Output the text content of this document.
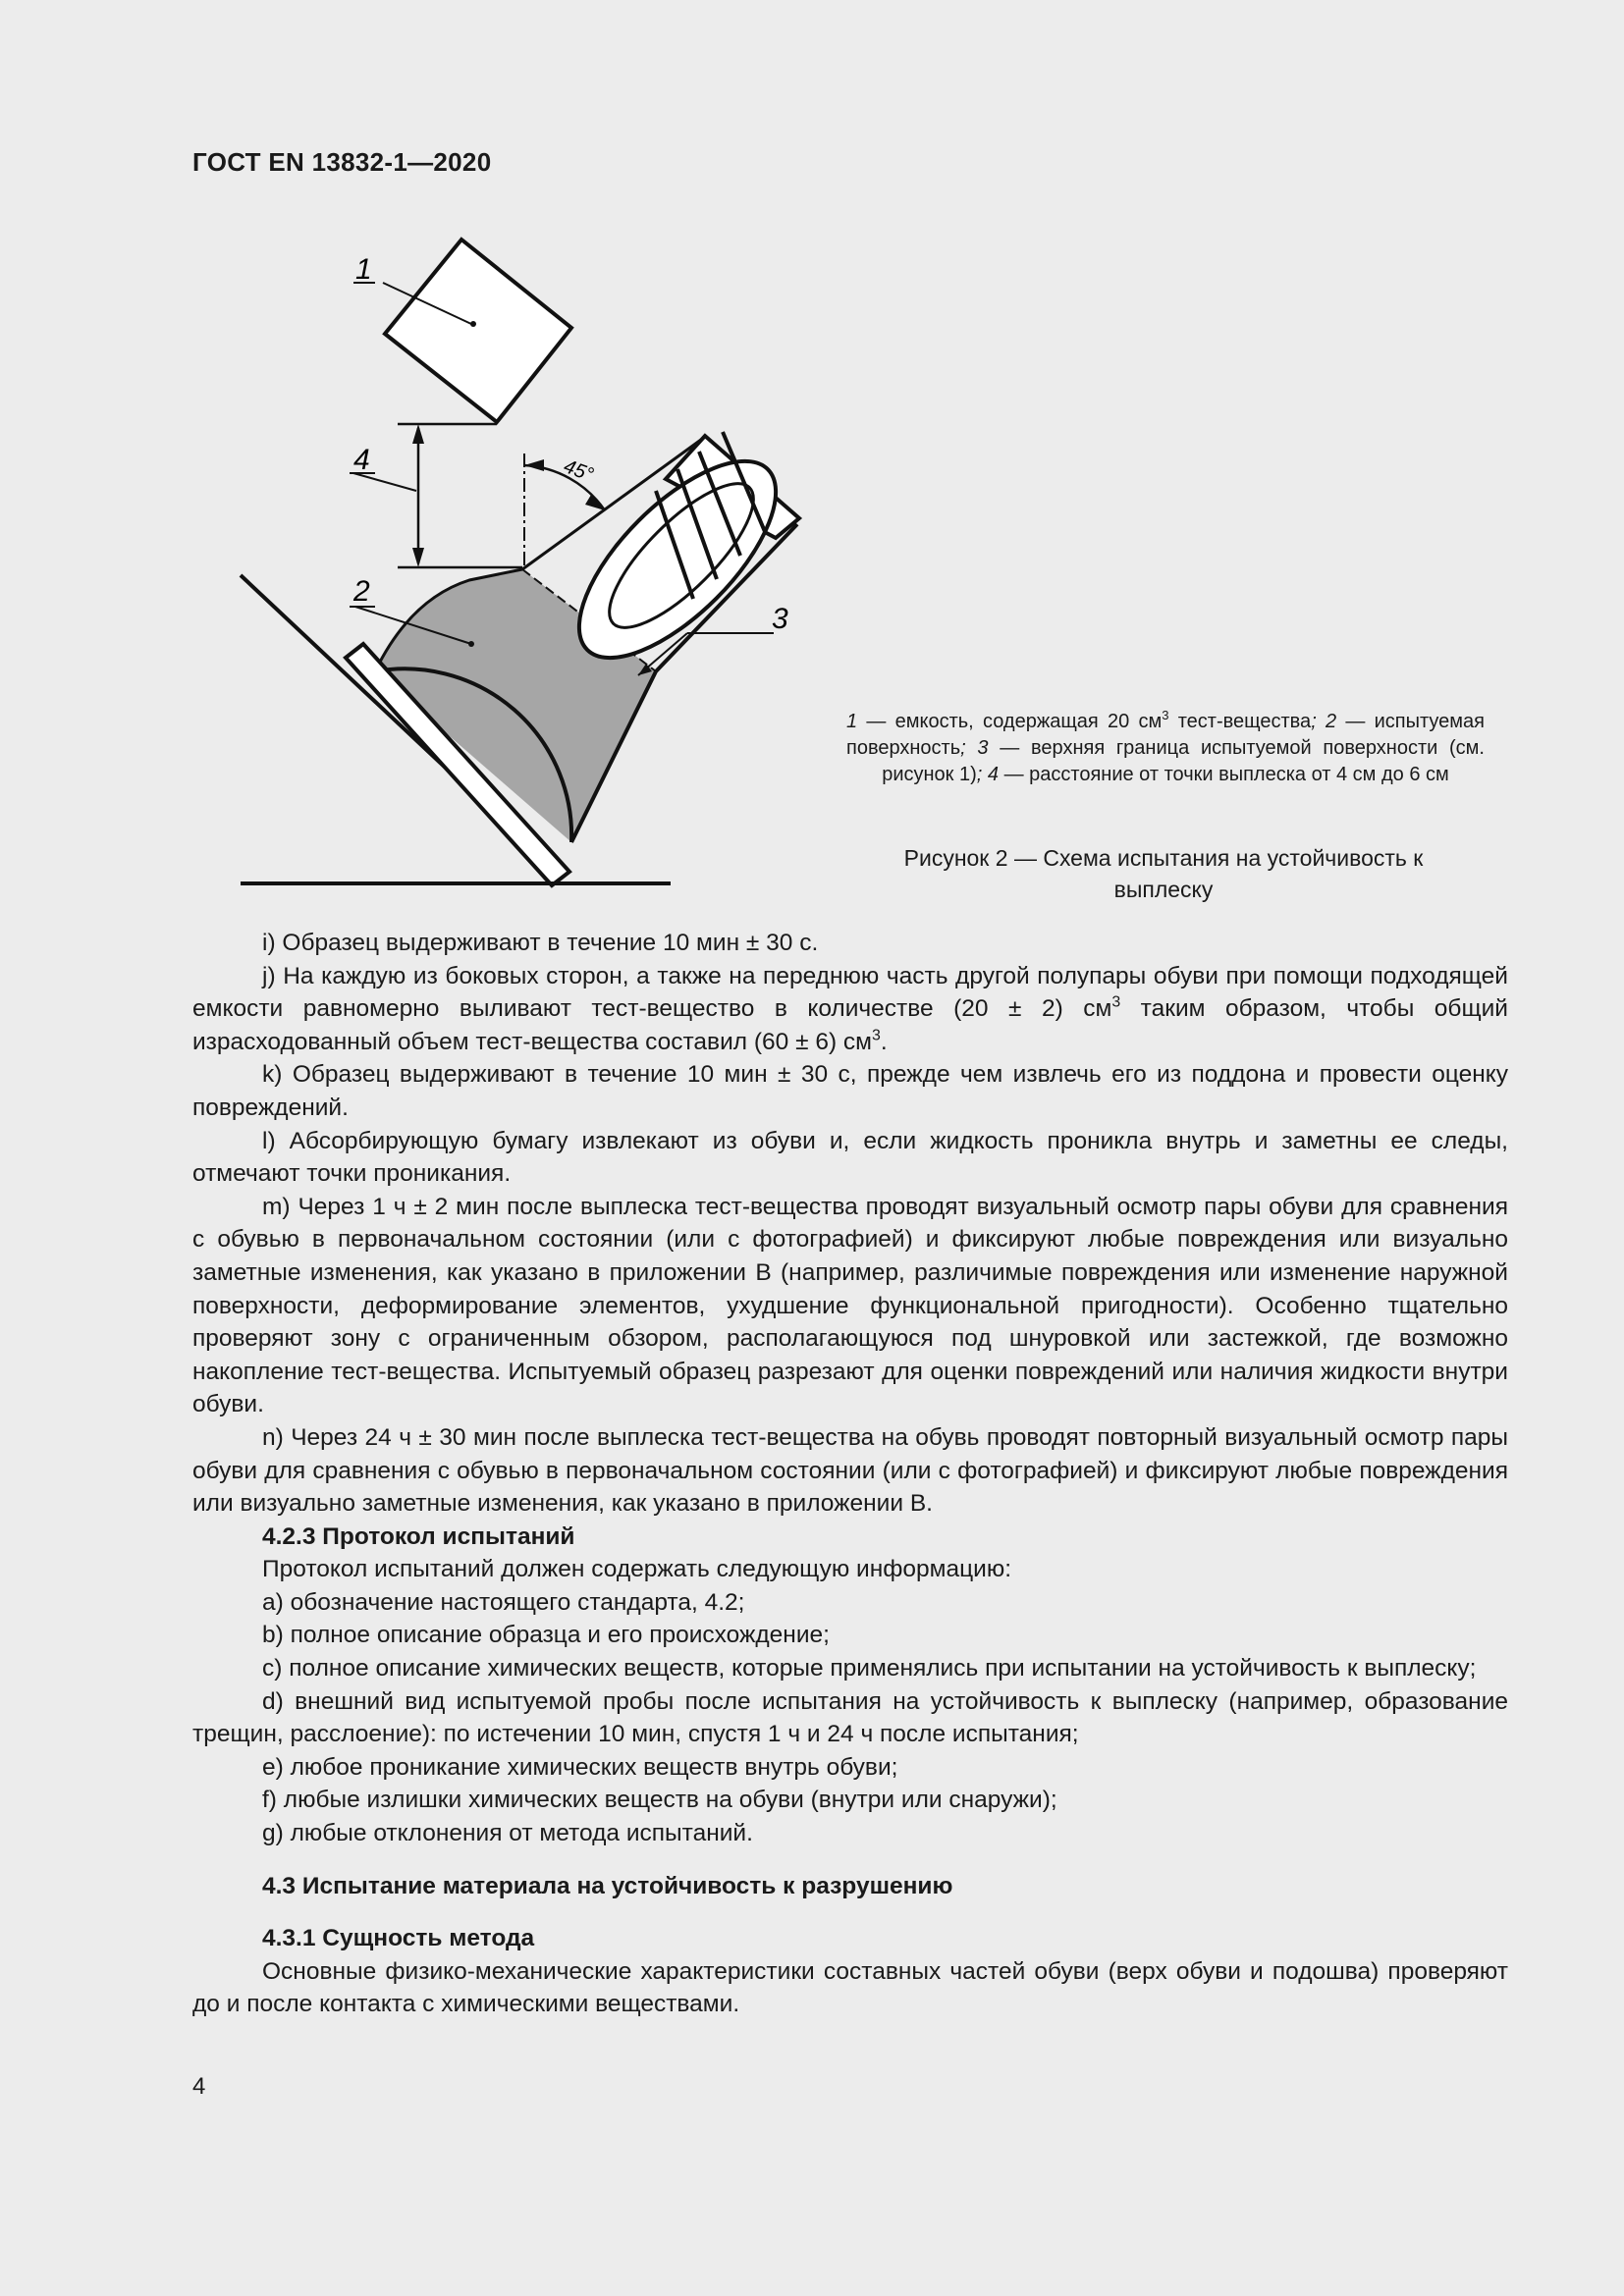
ГОСТ EN 13832-1—2020
1
4
2
3
45°
1 — емкость, содержащая 20 $см^3$ тест-вещества; 2 — испытуемая поверхность; 3 — верхняя граница испытуемой поверхности (см. рисунок 1); 4 — расстояние от точки выплеска от 4 см до 6 см
Рисунок 2 — Схема испытания на устойчивость к выплеску

i) Образец выдерживают в течение 10 мин ± 30 с.

j) На каждую из боковых сторон, а также на переднюю часть другой полупары обуви при помощи подходящей емкости равномерно выливают тест-вещество в количестве (20 ± 2) $см^3$ таким образом, чтобы общий израсходованный объем тест-вещества составил (60 ± 6) $см^3$.

k) Образец выдерживают в течение 10 мин ± 30 с, прежде чем извлечь его из поддона и провести оценку повреждений.

l) Абсорбирующую бумагу извлекают из обуви и, если жидкость проникла внутрь и заметны ее следы, отмечают точки проникания.

m) Через 1 ч ± 2 мин после выплеска тест-вещества проводят визуальный осмотр пары обуви для сравнения с обувью в первоначальном состоянии (или с фотографией) и фиксируют любые повреждения или визуально заметные изменения, как указано в приложении В (например, различимые повреждения или изменение наружной поверхности, деформирование элементов, ухудшение функциональной пригодности). Особенно тщательно проверяют зону с ограниченным обзором, располагающуюся под шнуровкой или застежкой, где возможно накопление тест-вещества. Испытуемый образец разрезают для оценки повреждений или наличия жидкости внутри обуви.

n) Через 24 ч ± 30 мин после выплеска тест-вещества на обувь проводят повторный визуальный осмотр пары обуви для сравнения с обувью в первоначальном состоянии (или с фотографией) и фиксируют любые повреждения или визуально заметные изменения, как указано в приложении В.

4.2.3 Протокол испытаний

Протокол испытаний должен содержать следующую информацию:

a) обозначение настоящего стандарта, 4.2;

b) полное описание образца и его происхождение;

c) полное описание химических веществ, которые применялись при испытании на устойчивость к выплеску;

d) внешний вид испытуемой пробы после испытания на устойчивость к выплеску (например, образование трещин, расслоение): по истечении 10 мин, спустя 1 ч и 24 ч после испытания;

e) любое проникание химических веществ внутрь обуви;

f) любые излишки химических веществ на обуви (внутри или снаружи);

g) любые отклонения от метода испытаний.

4.3 Испытание материала на устойчивость к разрушению

4.3.1 Сущность метода

Основные физико-механические характеристики составных частей обуви (верх обуви и подошва) проверяют до и после контакта с химическими веществами.

4
